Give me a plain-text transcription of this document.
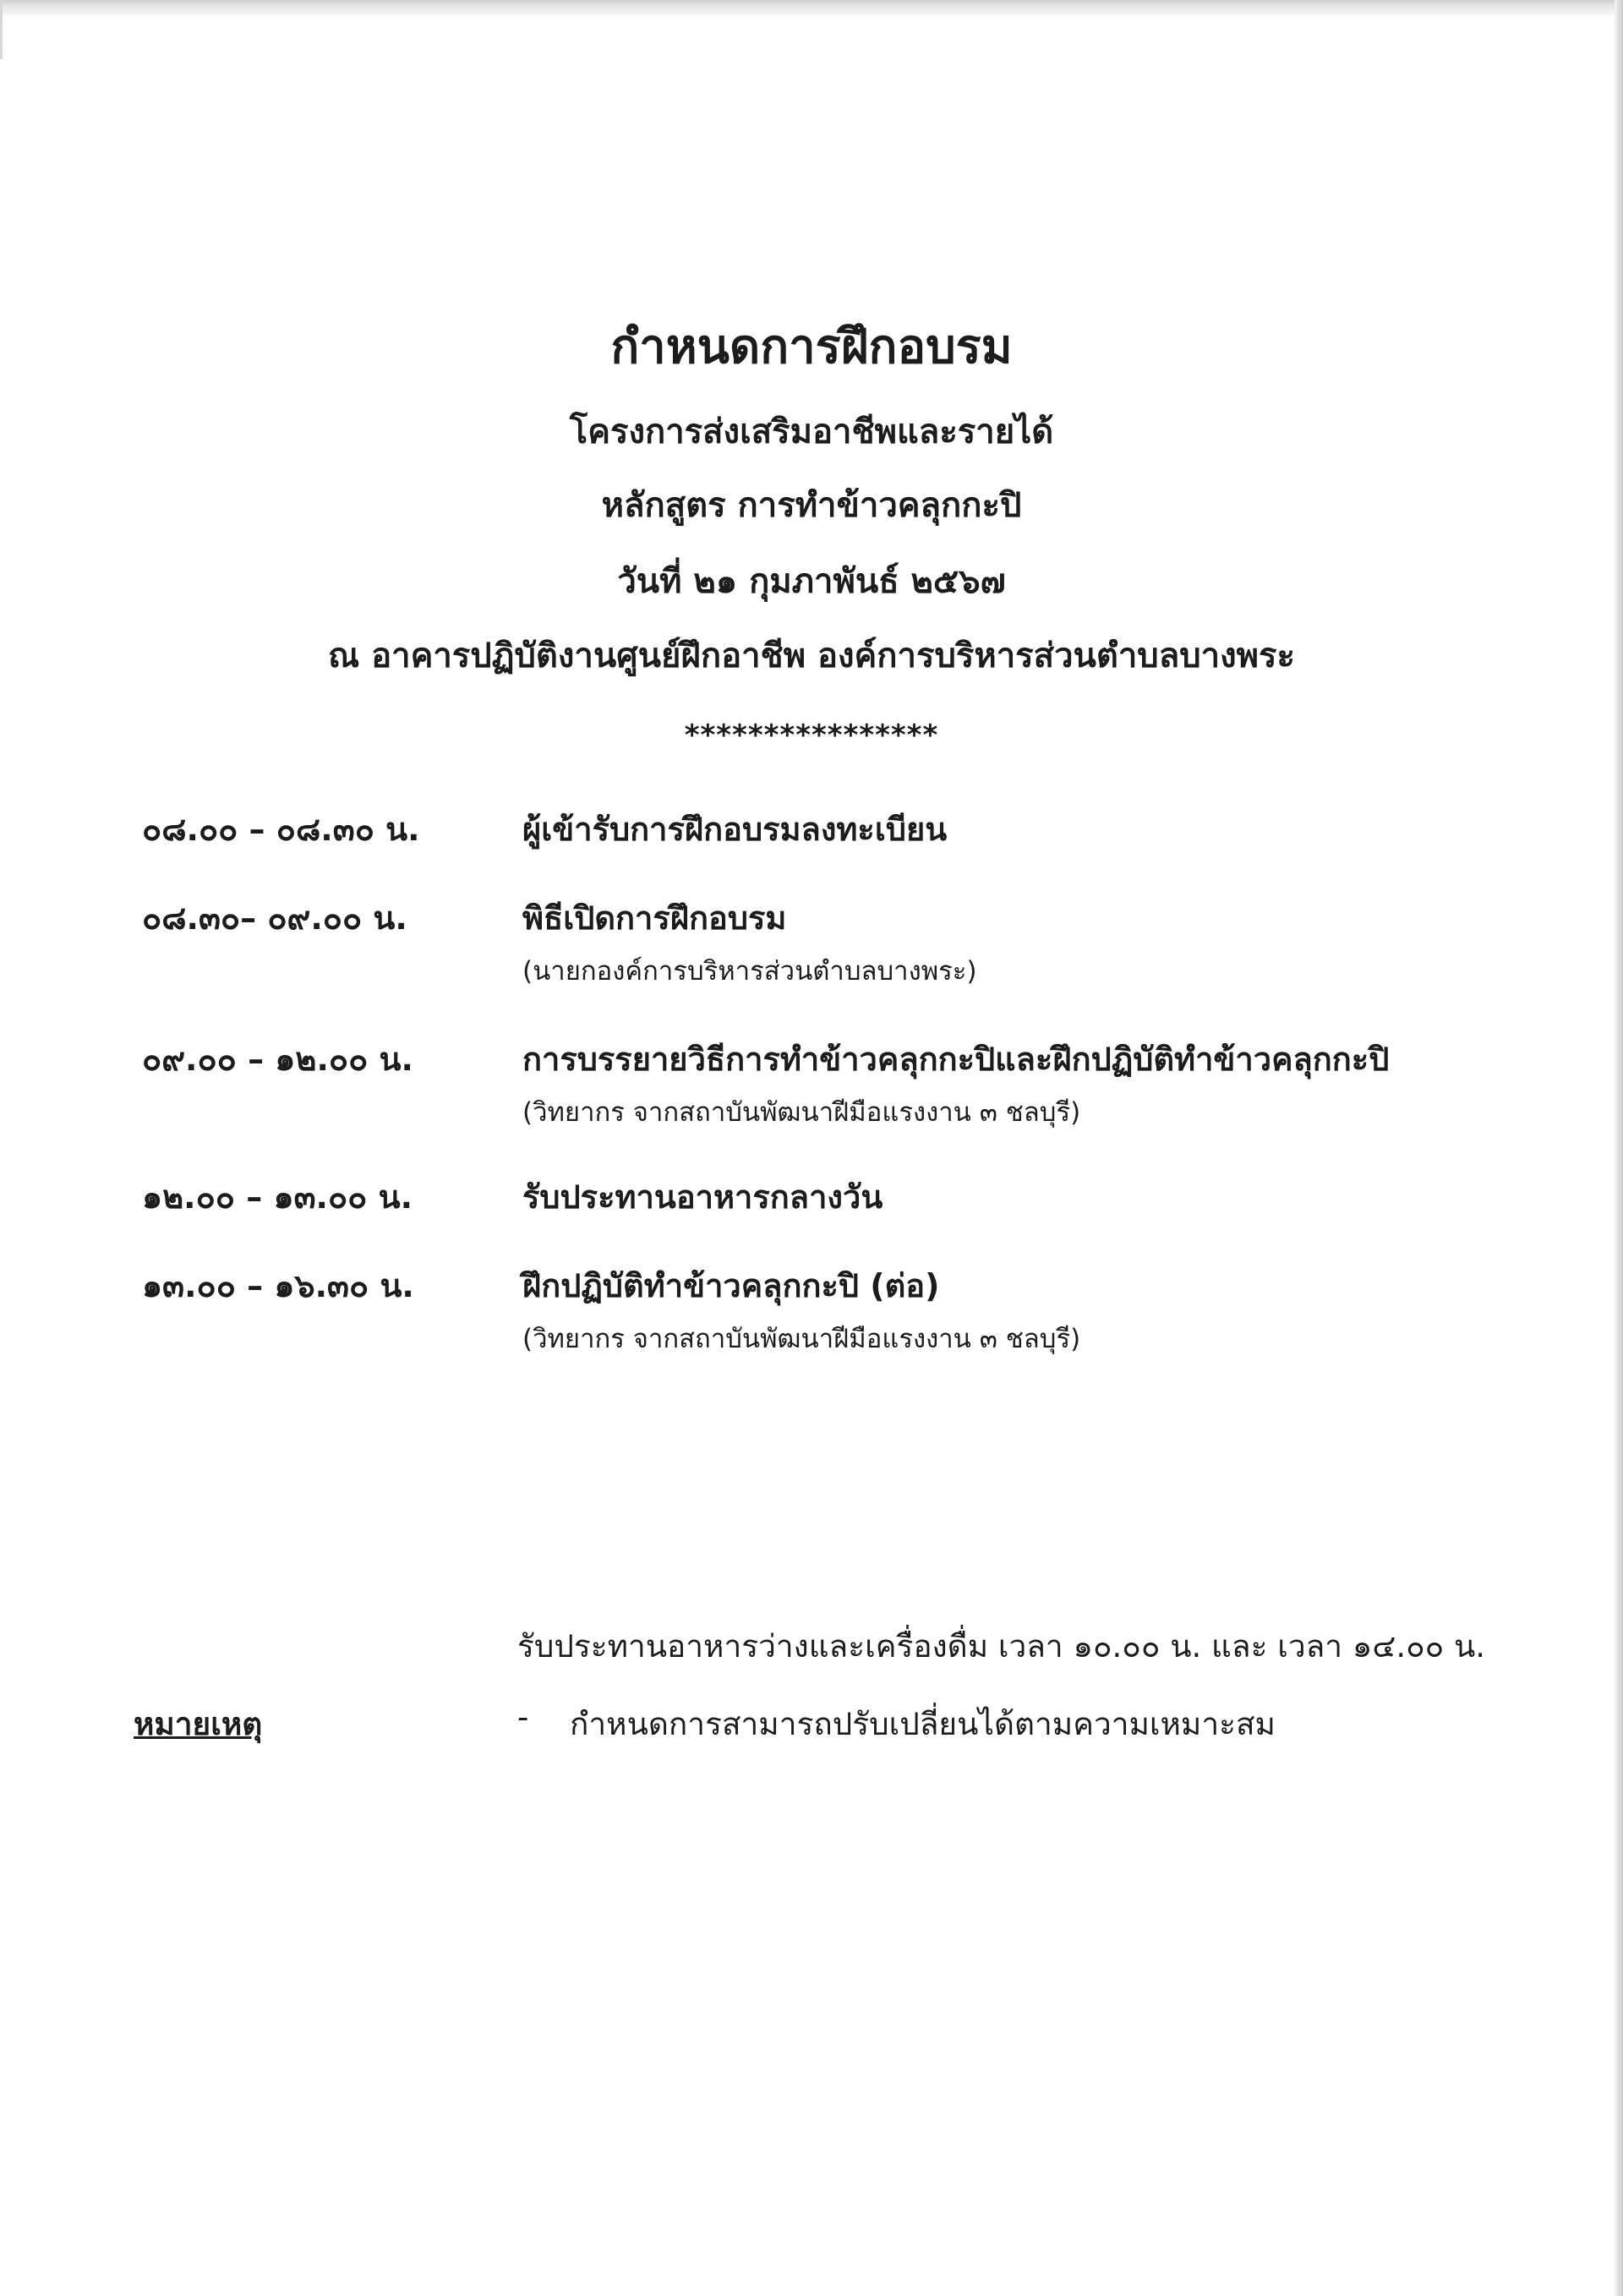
กำหนดการฝึกอบรม
โครงการส่งเสริมอาชีพและรายได้
หลักสูตร การทำข้าวคลุกกะปิ
วันที่ ๒๑ กุมภาพันธ์ ๒๕๖๗
ณ อาคารปฏิบัติงานศูนย์ฝึกอาชีพ องค์การบริหารส่วนตำบลบางพระ
****************
๐๘.๐๐ – ๐๘.๓๐ น.	ผู้เข้ารับการฝึกอบรมลงทะเบียน
๐๘.๓๐– ๐๙.๐๐ น.	พิธีเปิดการฝึกอบรม
(นายกองค์การบริหารส่วนตำบลบางพระ)
๐๙.๐๐ – ๑๒.๐๐ น.	การบรรยายวิธีการทำข้าวคลุกกะปิและฝึกปฏิบัติทำข้าวคลุกกะปิ
(วิทยากร จากสถาบันพัฒนาฝีมือแรงงาน ๓ ชลบุรี)
๑๒.๐๐ – ๑๓.๐๐ น.	รับประทานอาหารกลางวัน
๑๓.๐๐ – ๑๖.๓๐ น.	ฝึกปฏิบัติทำข้าวคลุกกะปิ (ต่อ)
(วิทยากร จากสถาบันพัฒนาฝีมือแรงงาน ๓ ชลบุรี)
รับประทานอาหารว่างและเครื่องดื่ม เวลา ๑๐.๐๐ น. และ เวลา ๑๔.๐๐ น.
หมายเหตุ	- กำหนดการสามารถปรับเปลี่ยนได้ตามความเหมาะสม
